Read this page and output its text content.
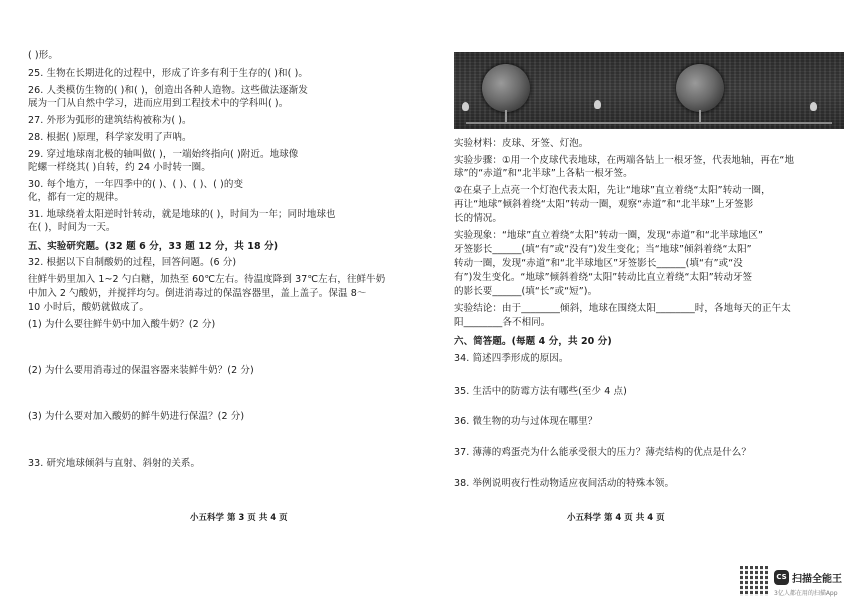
( )形。
25. 生物在长期进化的过程中，形成了许多有利于生存的( )和( )。
26. 人类模仿生物的( )和( )，创造出各种人造物。这些做法逐渐发
展为一门从自然中学习，进而应用到工程技术中的学科叫( )。
27. 外形为弧形的建筑结构被称为( )。
28. 根据( )原理，科学家发明了声呐。
29. 穿过地球南北极的轴叫做( )，一端始终指向( )附近。地球像
陀螺一样绕其( )自转，约 24 小时转一圈。
30. 每个地方，一年四季中的( )、( )、( )、( )的变
化，都有一定的规律。
31. 地球绕着太阳逆时针转动，就是地球的( )，时间为一年；同时地球也
在( )，时间为一天。
五、实验研究题。(32 题 6 分，33 题 12 分，共 18 分)
32. 根据以下自制酸奶的过程，回答问题。(6 分)
往鲜牛奶里加入 1~2 勺白糖，加热至 60℃左右。待温度降到 37℃左右，往鲜牛奶
中加入 2 勺酸奶，并搅拌均匀。倒进消毒过的保温容器里，盖上盖子。保温 8～
10 小时后，酸奶就做成了。
(1) 为什么要往鲜牛奶中加入酸牛奶？(2 分)
(2) 为什么要用消毒过的保温容器来装鲜牛奶？(2 分)
(3) 为什么要对加入酸奶的鲜牛奶进行保温？(2 分)
33. 研究地球倾斜与直射、斜射的关系。
小五科学 第 3 页 共 4 页
实验材料：皮球、牙签、灯泡。
实验步骤：①用一个皮球代表地球，在两端各钻上一根牙签，代表地轴，再在“地
球”的“赤道”和“北半球”上各粘一根牙签。
②在桌子上点亮一个灯泡代表太阳，先让“地球”直立着绕“太阳”转动一圈，
再让“地球”倾斜着绕“太阳”转动一圈，观察“赤道”和“北半球”上牙签影
长的情况。
实验现象：“地球”直立着绕“太阳”转动一圈，发现“赤道”和“北半球地区”
牙签影长______(填“有”或“没有”)发生变化；当“地球”倾斜着绕“太阳”
转动一圈，发现“赤道”和“北半球地区”牙签影长______(填“有”或“没
有”)发生变化。“地球”倾斜着绕“太阳”转动比直立着绕“太阳”转动牙签
的影长要______(填“长”或“短”)。
实验结论：由于________倾斜，地球在围绕太阳________时，各地每天的正午太
阳________各不相同。
六、简答题。(每题 4 分，共 20 分)
34. 简述四季形成的原因。
35. 生活中的防霉方法有哪些(至少 4 点)
36. 微生物的功与过体现在哪里？
37. 薄薄的鸡蛋壳为什么能承受很大的压力？薄壳结构的优点是什么？
38. 举例说明夜行性动物适应夜间活动的特殊本领。
小五科学 第 4 页 共 4 页
CS 扫描全能王
3亿人都在用的扫描App
